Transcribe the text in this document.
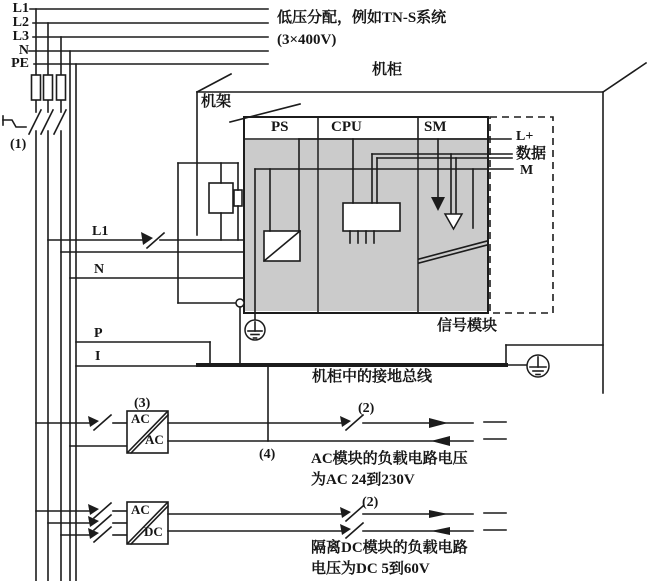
L1
L2
L3
N
PE
低压分配，例如TN-S系统
(3×400V)
(1)
机柜
机架
PS	CPU	SM
L+
数据
M
信号模块
L1
N
P
I
机柜中的接地总线
(3)
(4)
(2)
(2)
AC
AC
AC
DC
AC模块的负载电路电压
为AC 24到230V
隔离DC模块的负载电路
电压为DC 5到60V
